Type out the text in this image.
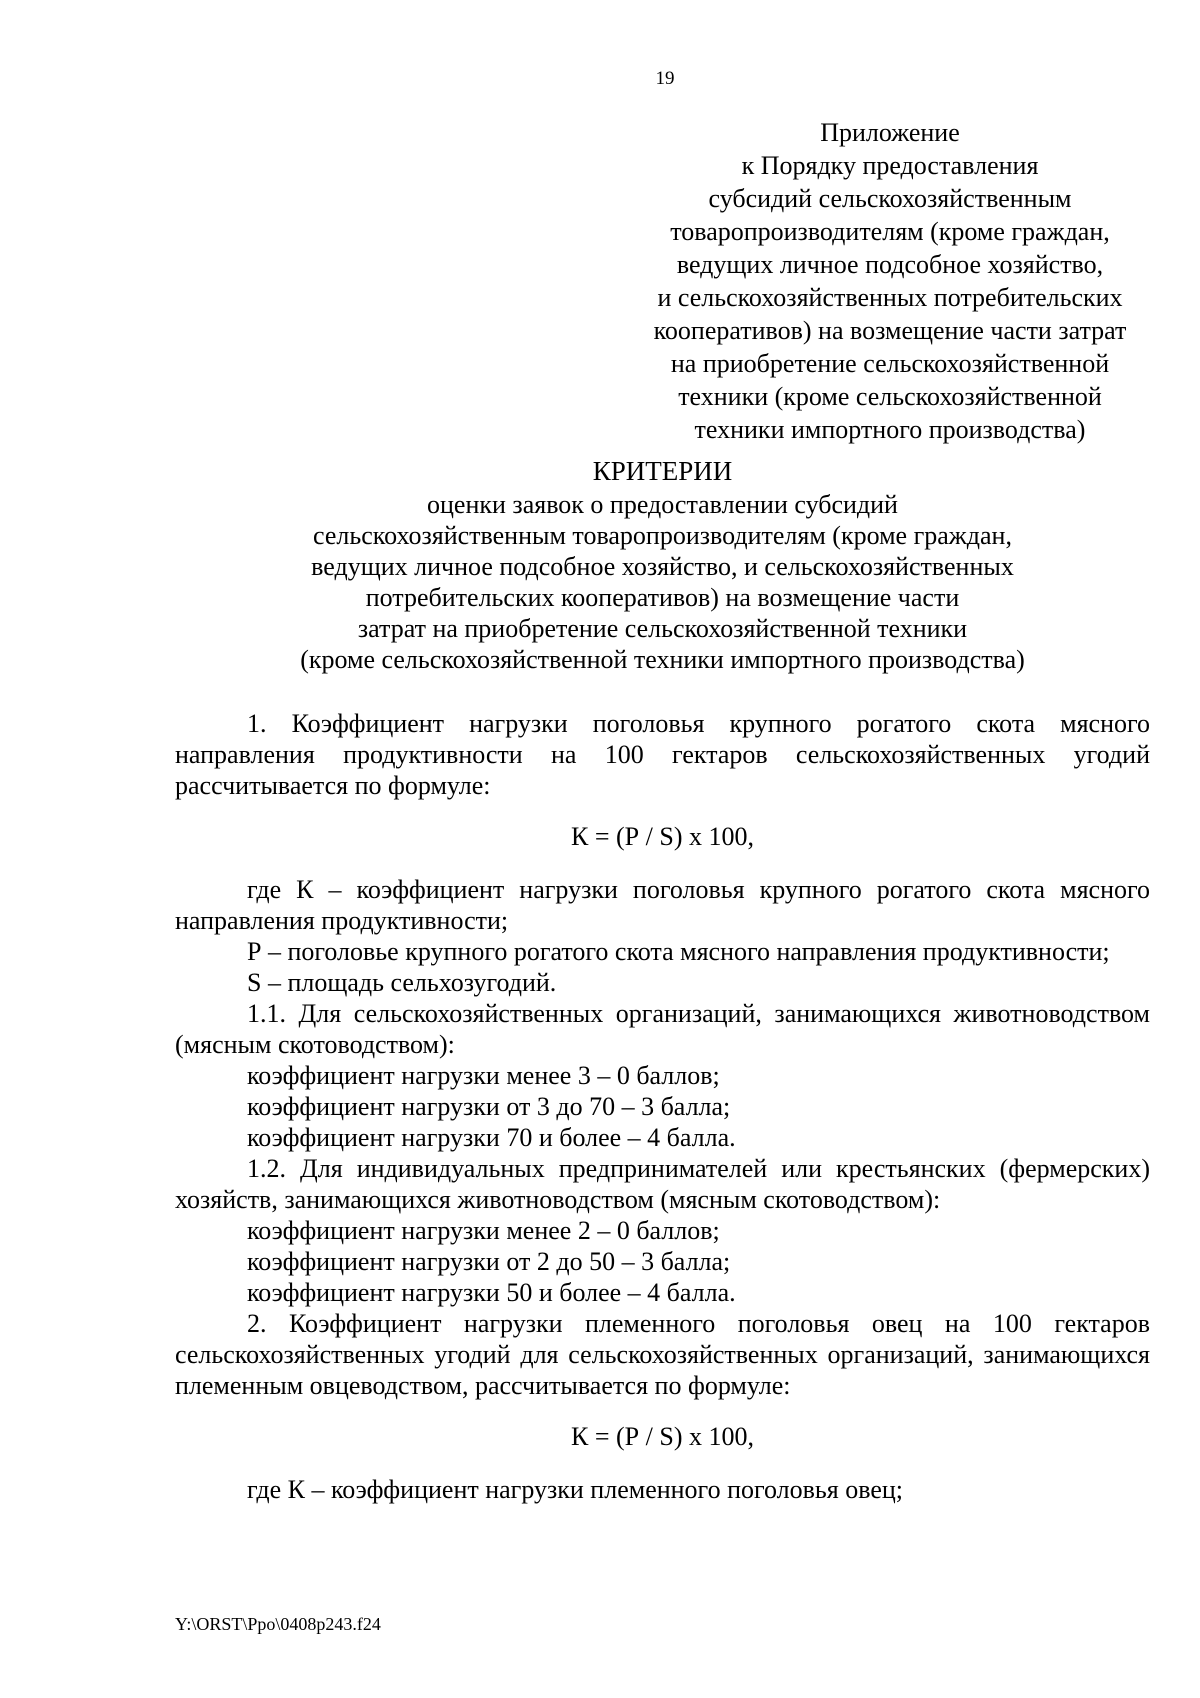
19
Приложение
к Порядку предоставления
субсидий сельскохозяйственным
товаропроизводителям (кроме граждан,
ведущих личное подсобное хозяйство,
и сельскохозяйственных потребительских
кооперативов) на возмещение части затрат
на приобретение сельскохозяйственной
техники (кроме сельскохозяйственной
техники импортного производства)
КРИТЕРИИ
оценки заявок о предоставлении субсидий
сельскохозяйственным товаропроизводителям (кроме граждан,
ведущих личное подсобное хозяйство, и сельскохозяйственных
потребительских кооперативов) на возмещение части
затрат на приобретение сельскохозяйственной техники
(кроме сельскохозяйственной техники импортного производства)

1. Коэффициент нагрузки поголовья крупного рогатого скота мясного направления продуктивности на 100 гектаров сельскохозяйственных угодий рассчитывается по формуле:

К = (Р / S) х 100,

где К – коэффициент нагрузки поголовья крупного рогатого скота мясного направления продуктивности;

Р – поголовье крупного рогатого скота мясного направления продуктивности;

S – площадь сельхозугодий.

1.1. Для сельскохозяйственных организаций, занимающихся животноводством (мясным скотоводством):

коэффициент нагрузки менее 3 – 0 баллов;

коэффициент нагрузки от 3 до 70 – 3 балла;

коэффициент нагрузки 70 и более – 4 балла.

1.2. Для индивидуальных предпринимателей или крестьянских (фермерских) хозяйств, занимающихся животноводством (мясным скотоводством):

коэффициент нагрузки менее 2 – 0 баллов;

коэффициент нагрузки от 2 до 50 – 3 балла;

коэффициент нагрузки 50 и более – 4 балла.

2. Коэффициент нагрузки племенного поголовья овец на 100 гектаров сельскохозяйственных угодий для сельскохозяйственных организаций, занимающихся племенным овцеводством, рассчитывается по формуле:

К = (Р / S) х 100,

где К – коэффициент нагрузки племенного поголовья овец;

Y:\ORST\Ppo\0408p243.f24
